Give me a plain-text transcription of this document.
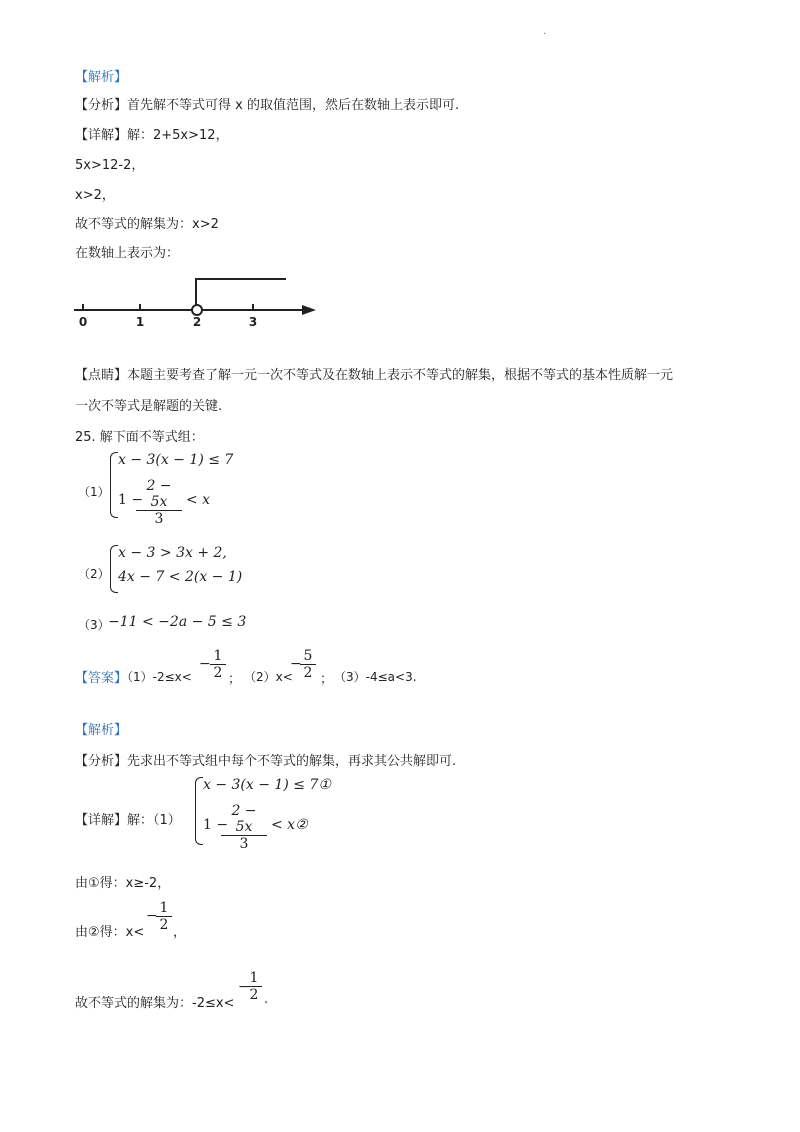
.
【解析】
【分析】首先解不等式可得 x 的取值范围，然后在数轴上表示即可.
【详解】解：2+5x>12，
5x>12-2，
x>2，
故不等式的解集为：x>2
在数轴上表示为：
0	1	2	3
【点睛】本题主要考查了解一元一次不等式及在数轴上表示不等式的解集，根据不等式的基本性质解一元
一次不等式是解题的关键.
25. 解下面不等式组：
（1）
x − 3(x − 1) ≤ 7
1 −
$\frac{2 - 5x}{3} < x$
（2）
x − 3 > 3x + 2,
4x − 7 < 2(x − 1)
（3）
−11 < −2a − 5 ≤ 3
【答案】
（1）-2≤x<
− $\frac{1}{2}$ ； （2）x<
−
$\frac{5}{2}$ ； （3）-4≤a<3.
【解析】
【分析】先求出不等式组中每个不等式的解集，再求其公共解即可.
【详解】解：（1）
x − 3(x − 1) ≤ 7①
1 −
$\frac{2 - 5x}{3}$ < x②
由①得：x≥-2，
由②得：x<
−
$\frac{1}{2}$ ，
故不等式的解集为：-2≤x<
−
$\frac{1}{2}$ .
